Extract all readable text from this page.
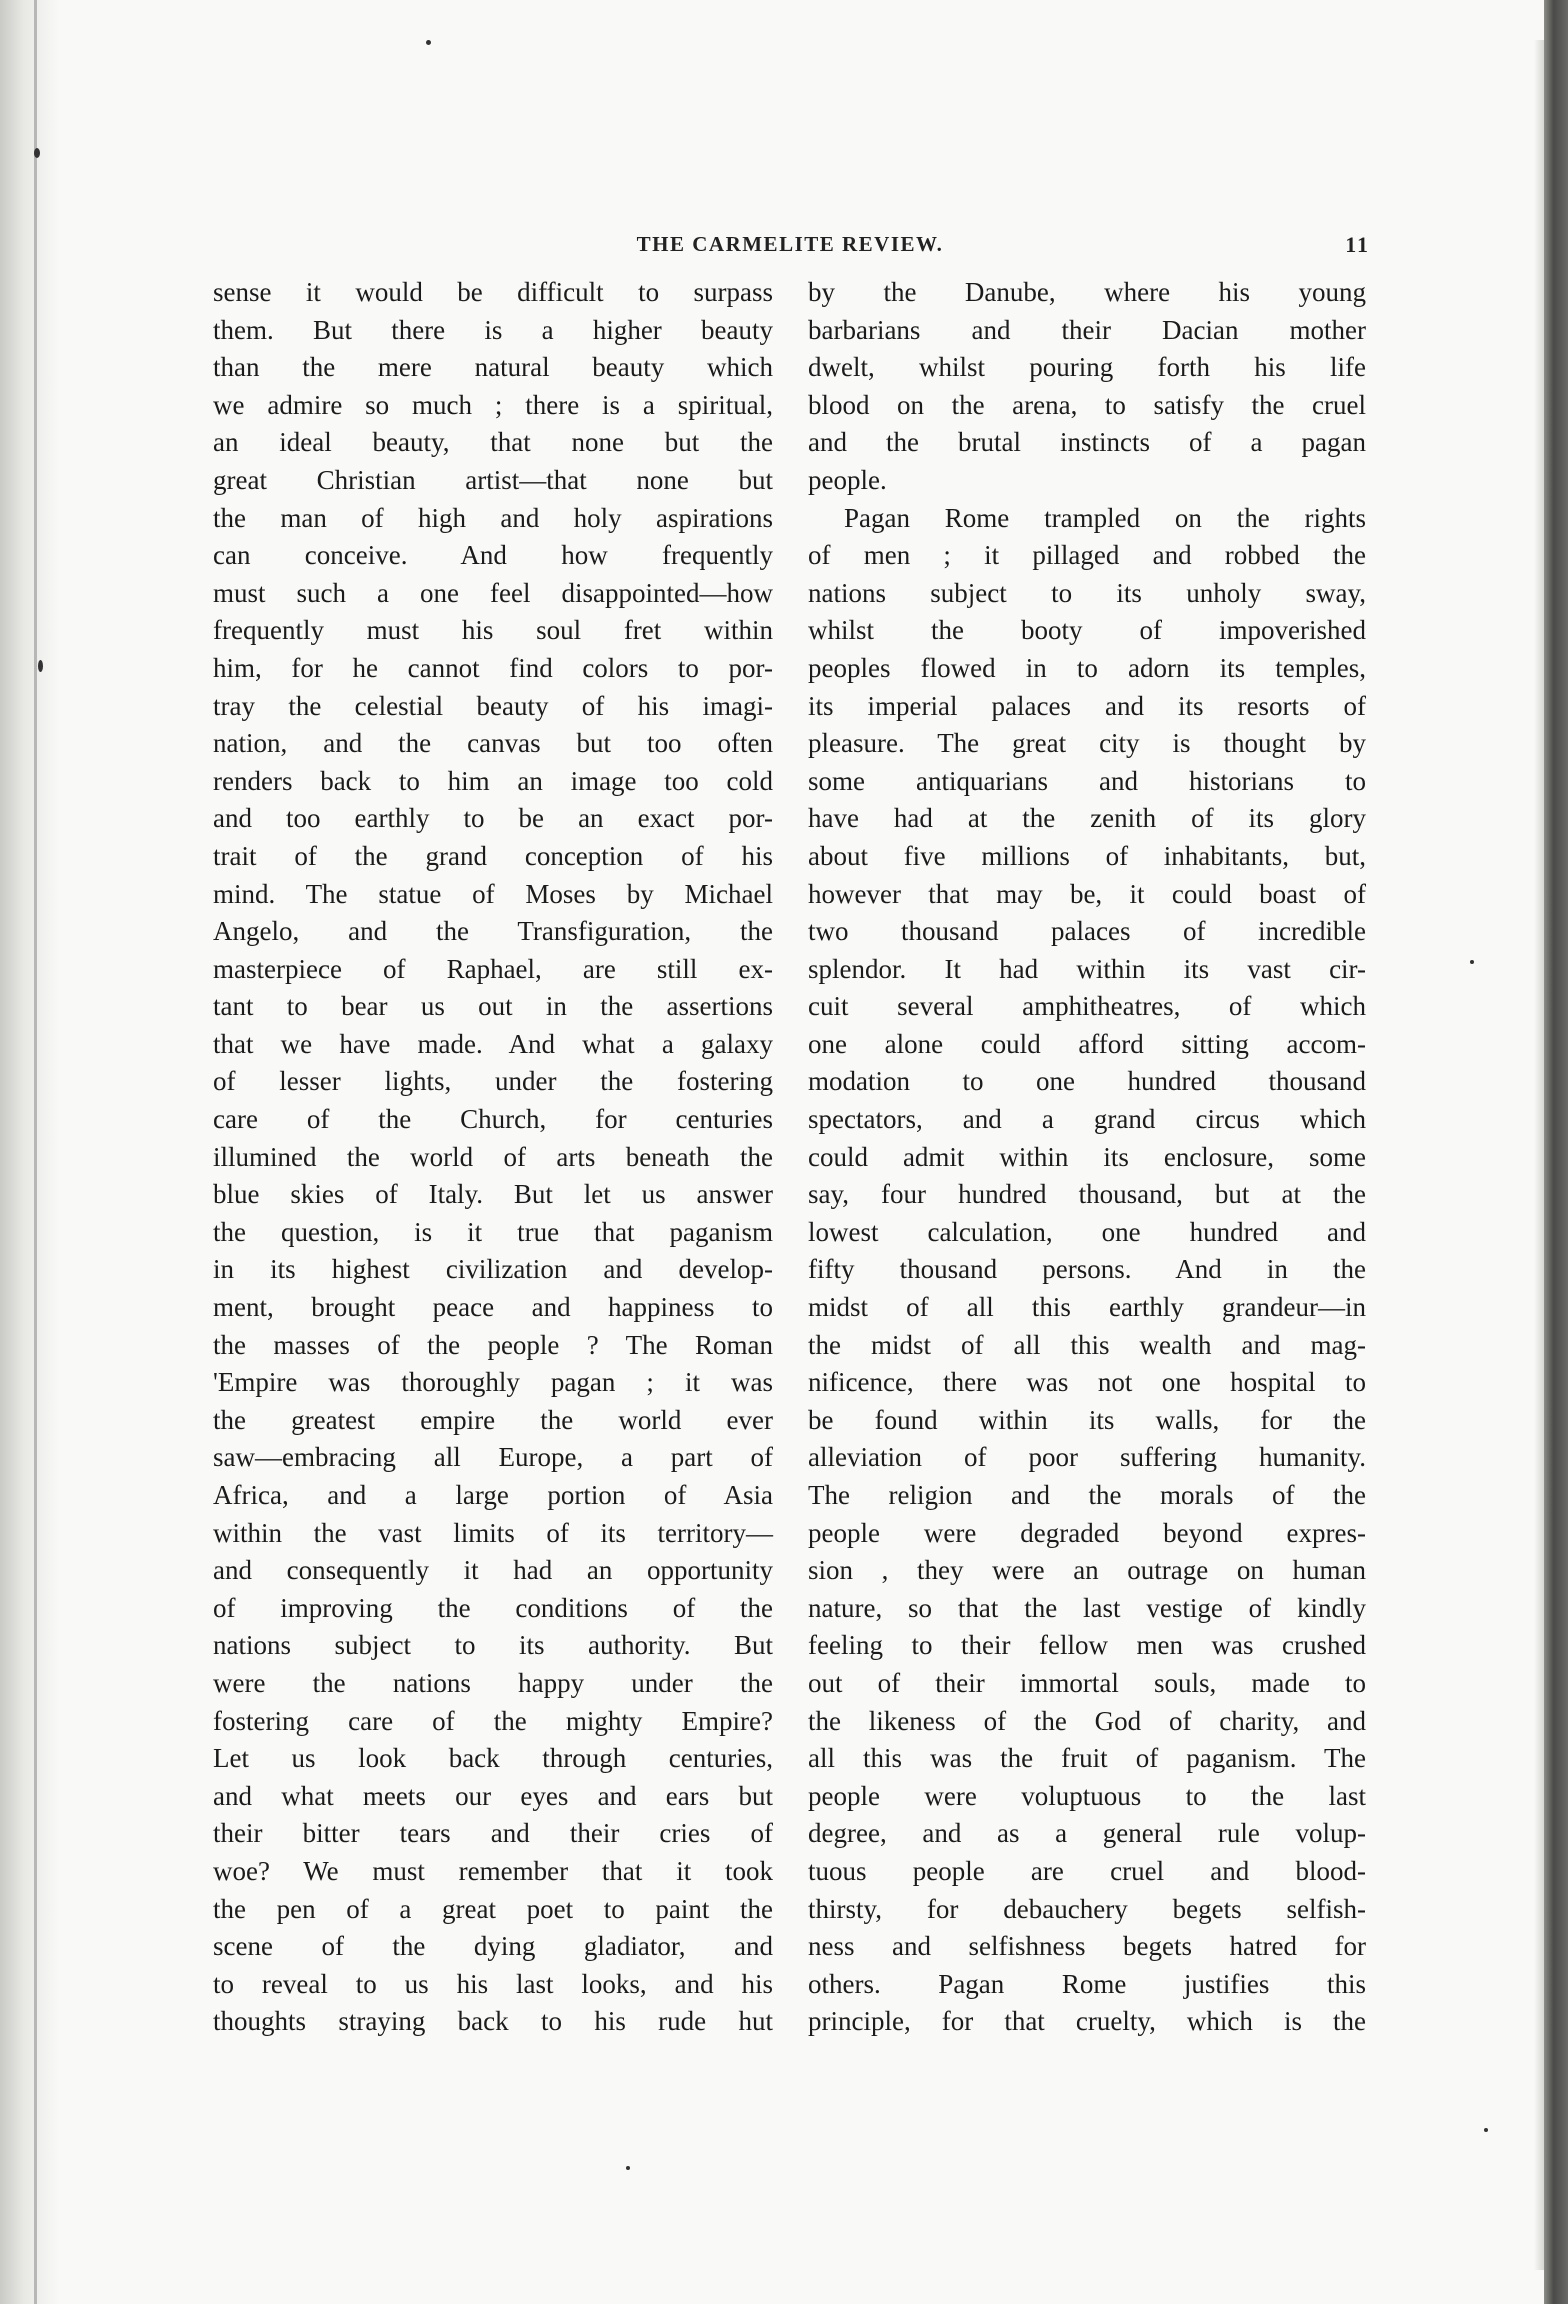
THE CARMELITE REVIEW.	11
sense it would be difficult to surpass
them. But there is a higher beauty
than the mere natural beauty which
we admire so much ; there is a spiritual,
an ideal beauty, that none but the
great Christian artist—that none but
the man of high and holy aspirations
can conceive. And how frequently
must such a one feel disappointed—how
frequently must his soul fret within
him, for he cannot find colors to por-
tray the celestial beauty of his imagi-
nation, and the canvas but too often
renders back to him an image too cold
and too earthly to be an exact por-
trait of the grand conception of his
mind. The statue of Moses by Michael
Angelo, and the Transfiguration, the
masterpiece of Raphael, are still ex-
tant to bear us out in the assertions
that we have made. And what a galaxy
of lesser lights, under the fostering
care of the Church, for centuries
illumined the world of arts beneath the
blue skies of Italy. But let us answer
the question, is it true that paganism
in its highest civilization and develop-
ment, brought peace and happiness to
the masses of the people ? The Roman
'Empire was thoroughly pagan ; it was
the greatest empire the world ever
saw—embracing all Europe, a part of
Africa, and a large portion of Asia
within the vast limits of its territory—
and consequently it had an opportunity
of improving the conditions of the
nations subject to its authority. But
were the nations happy under the
fostering care of the mighty Empire?
Let us look back through centuries,
and what meets our eyes and ears but
their bitter tears and their cries of
woe? We must remember that it took
the pen of a great poet to paint the
scene of the dying gladiator, and
to reveal to us his last looks, and his
thoughts straying back to his rude hut
by the Danube, where his young
barbarians and their Dacian mother
dwelt, whilst pouring forth his life
blood on the arena, to satisfy the cruel
and the brutal instincts of a pagan
people.
Pagan Rome trampled on the rights
of men ; it pillaged and robbed the
nations subject to its unholy sway,
whilst the booty of impoverished
peoples flowed in to adorn its temples,
its imperial palaces and its resorts of
pleasure. The great city is thought by
some antiquarians and historians to
have had at the zenith of its glory
about five millions of inhabitants, but,
however that may be, it could boast of
two thousand palaces of incredible
splendor. It had within its vast cir-
cuit several amphitheatres, of which
one alone could afford sitting accom-
modation to one hundred thousand
spectators, and a grand circus which
could admit within its enclosure, some
say, four hundred thousand, but at the
lowest calculation, one hundred and
fifty thousand persons. And in the
midst of all this earthly grandeur—in
the midst of all this wealth and mag-
nificence, there was not one hospital to
be found within its walls, for the
alleviation of poor suffering humanity.
The religion and the morals of the
people were degraded beyond expres-
sion , they were an outrage on human
nature, so that the last vestige of kindly
feeling to their fellow men was crushed
out of their immortal souls, made to
the likeness of the God of charity, and
all this was the fruit of paganism. The
people were voluptuous to the last
degree, and as a general rule volup-
tuous people are cruel and blood-
thirsty, for debauchery begets selfish-
ness and selfishness begets hatred for
others. Pagan Rome justifies this
principle, for that cruelty, which is the
